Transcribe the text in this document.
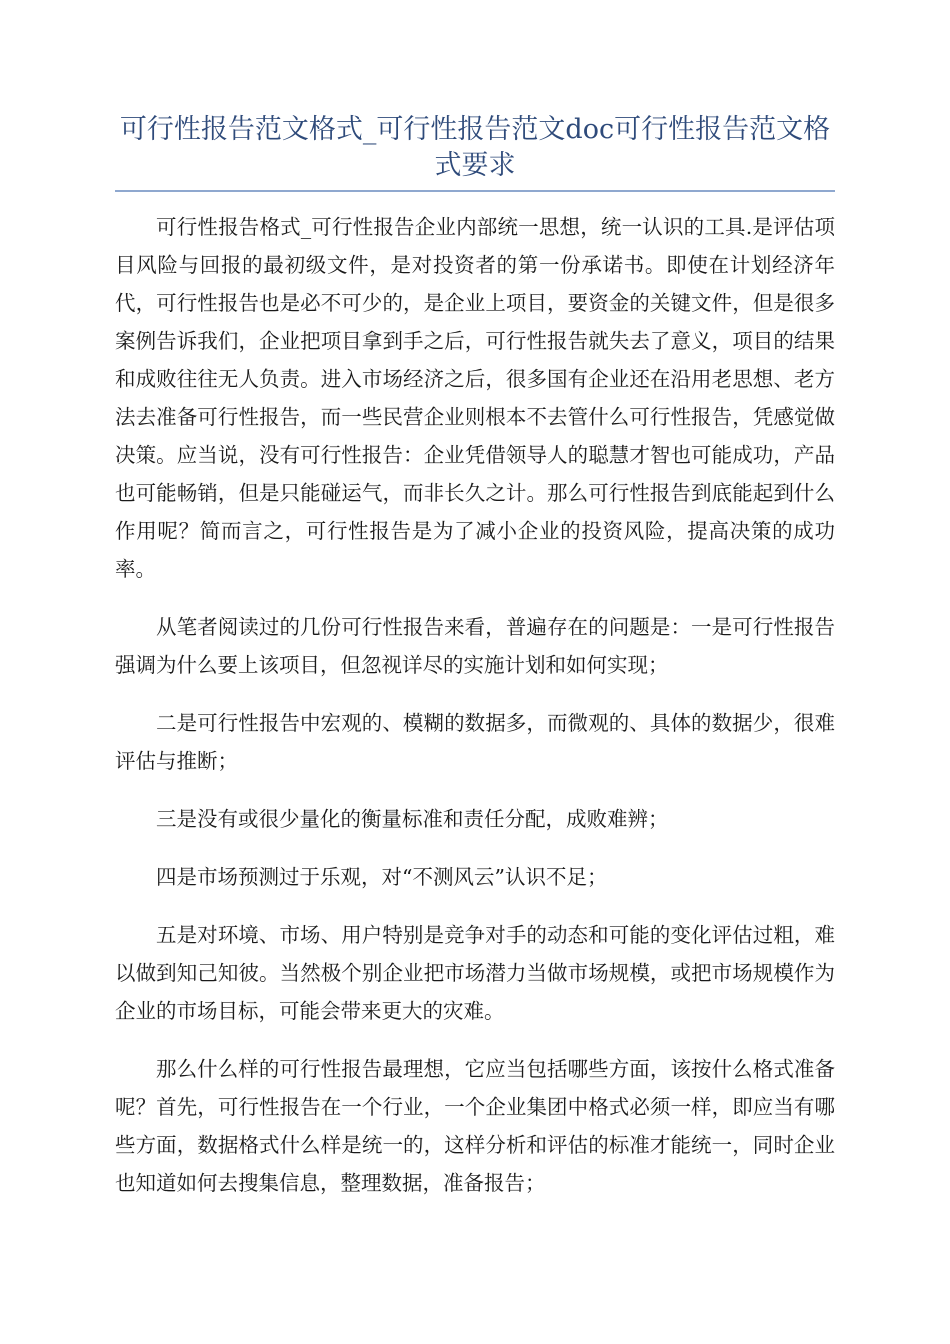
可行性报告范文格式_可行性报告范文doc可行性报告范文格式要求

可行性报告格式_可行性报告企业内部统一思想，统一认识的工具.是评估项目风险与回报的最初级文件，是对投资者的第一份承诺书。即使在计划经济年代，可行性报告也是必不可少的，是企业上项目，要资金的关键文件，但是很多案例告诉我们，企业把项目拿到手之后，可行性报告就失去了意义，项目的结果和成败往往无人负责。进入市场经济之后，很多国有企业还在沿用老思想、老方法去准备可行性报告，而一些民营企业则根本不去管什么可行性报告，凭感觉做决策。应当说，没有可行性报告：企业凭借领导人的聪慧才智也可能成功，产品也可能畅销，但是只能碰运气，而非长久之计。那么可行性报告到底能起到什么作用呢？简而言之，可行性报告是为了减小企业的投资风险，提高决策的成功率。

从笔者阅读过的几份可行性报告来看，普遍存在的问题是：一是可行性报告强调为什么要上该项目，但忽视详尽的实施计划和如何实现；

二是可行性报告中宏观的、模糊的数据多，而微观的、具体的数据少，很难评估与推断；

三是没有或很少量化的衡量标准和责任分配，成败难辨；

四是市场预测过于乐观，对“不测风云”认识不足；

五是对环境、市场、用户特别是竞争对手的动态和可能的变化评估过粗，难以做到知己知彼。当然极个别企业把市场潜力当做市场规模，或把市场规模作为企业的市场目标，可能会带来更大的灾难。

那么什么样的可行性报告最理想，它应当包括哪些方面，该按什么格式准备呢？首先，可行性报告在一个行业，一个企业集团中格式必须一样，即应当有哪些方面，数据格式什么样是统一的，这样分析和评估的标准才能统一，同时企业也知道如何去搜集信息，整理数据，准备报告；
